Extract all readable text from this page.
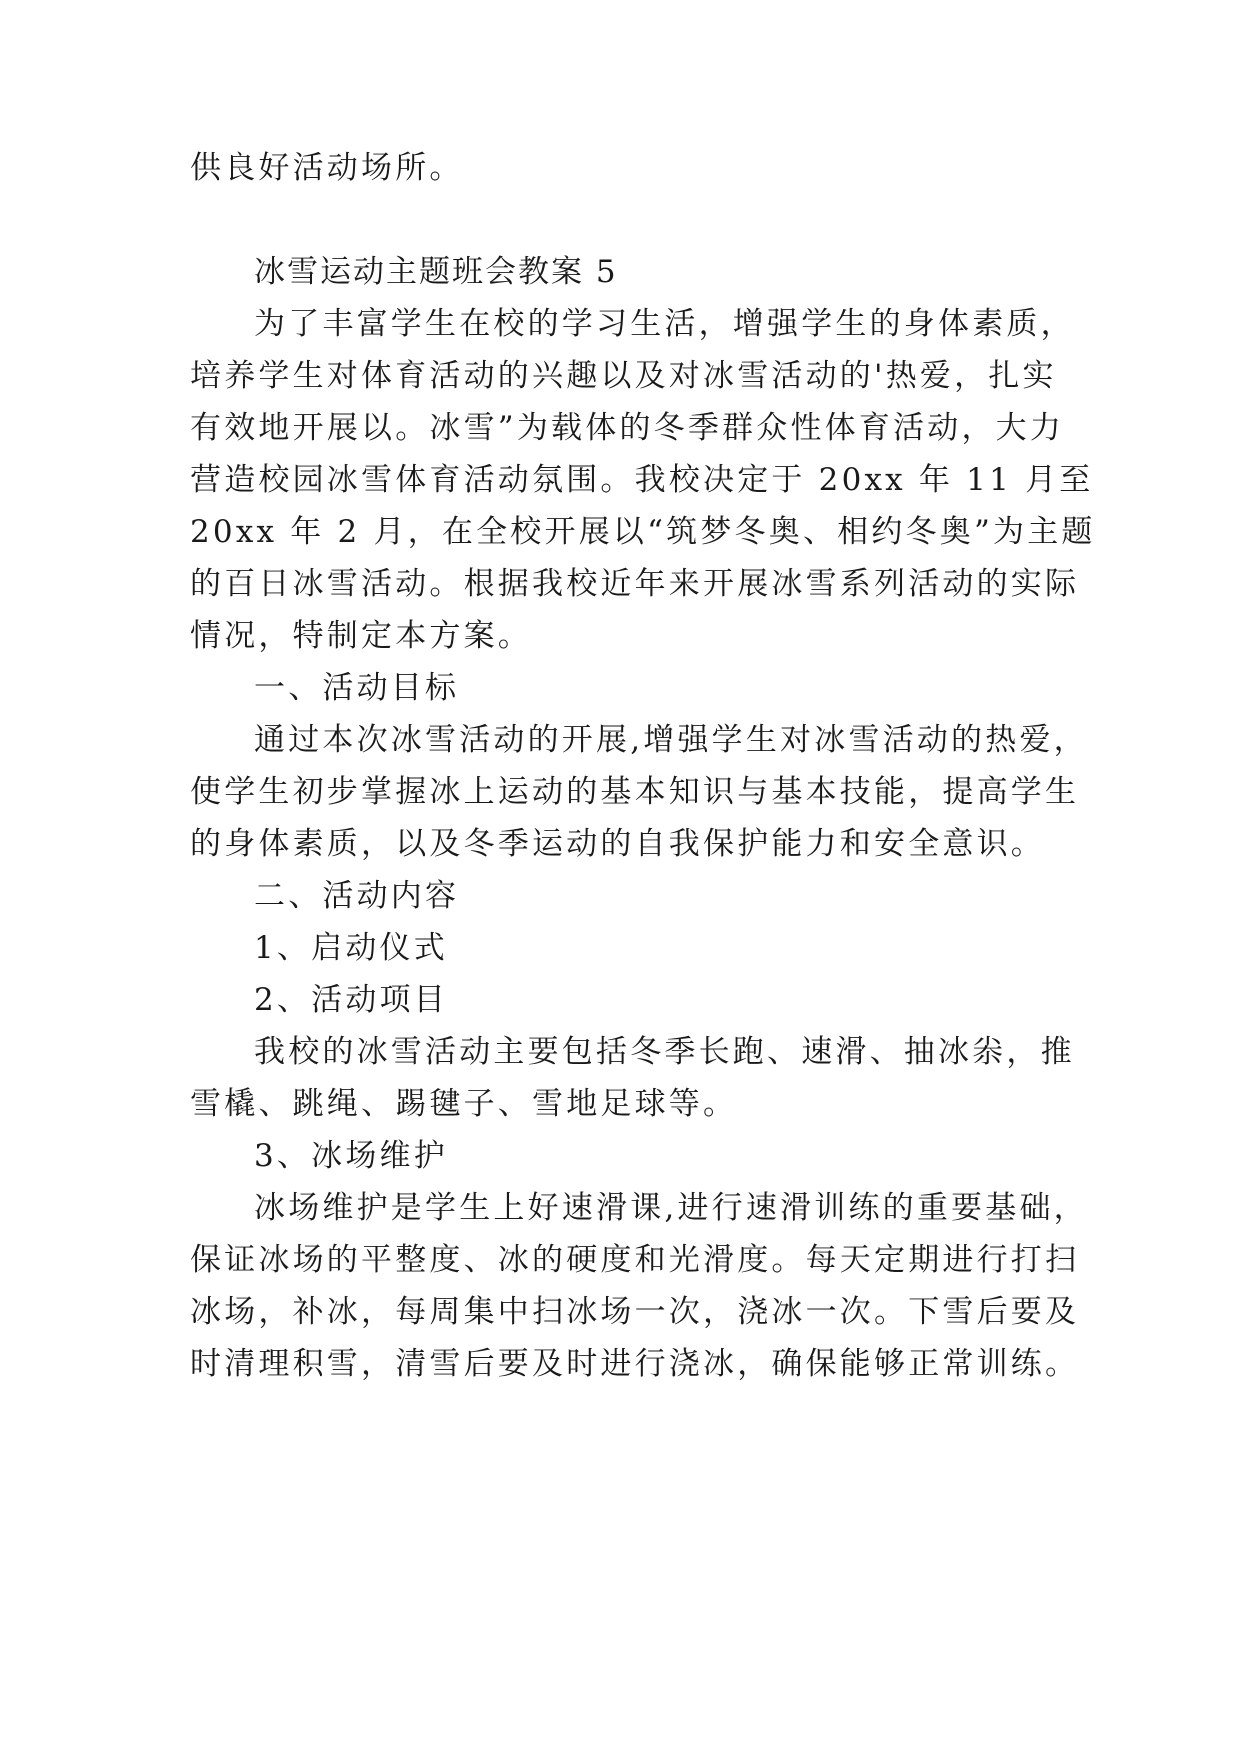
供良好活动场所。
冰雪运动主题班会教案 5
为了丰富学生在校的学习生活，增强学生的身体素质，
培养学生对体育活动的兴趣以及对冰雪活动的'热爱，扎实
有效地开展以。冰雪”为载体的冬季群众性体育活动，大力
营造校园冰雪体育活动氛围。我校决定于 20xx 年 11 月至
20xx 年 2 月，在全校开展以“筑梦冬奥、相约冬奥”为主题
的百日冰雪活动。根据我校近年来开展冰雪系列活动的实际
情况，特制定本方案。
一、活动目标
通过本次冰雪活动的开展,增强学生对冰雪活动的热爱，
使学生初步掌握冰上运动的基本知识与基本技能，提高学生
的身体素质，以及冬季运动的自我保护能力和安全意识。
二、活动内容
1、启动仪式
2、活动项目
我校的冰雪活动主要包括冬季长跑、速滑、抽冰尜，推
雪橇、跳绳、踢毽子、雪地足球等。
3、冰场维护
冰场维护是学生上好速滑课,进行速滑训练的重要基础，
保证冰场的平整度、冰的硬度和光滑度。每天定期进行打扫
冰场，补冰，每周集中扫冰场一次，浇冰一次。下雪后要及
时清理积雪，清雪后要及时进行浇冰，确保能够正常训练。
